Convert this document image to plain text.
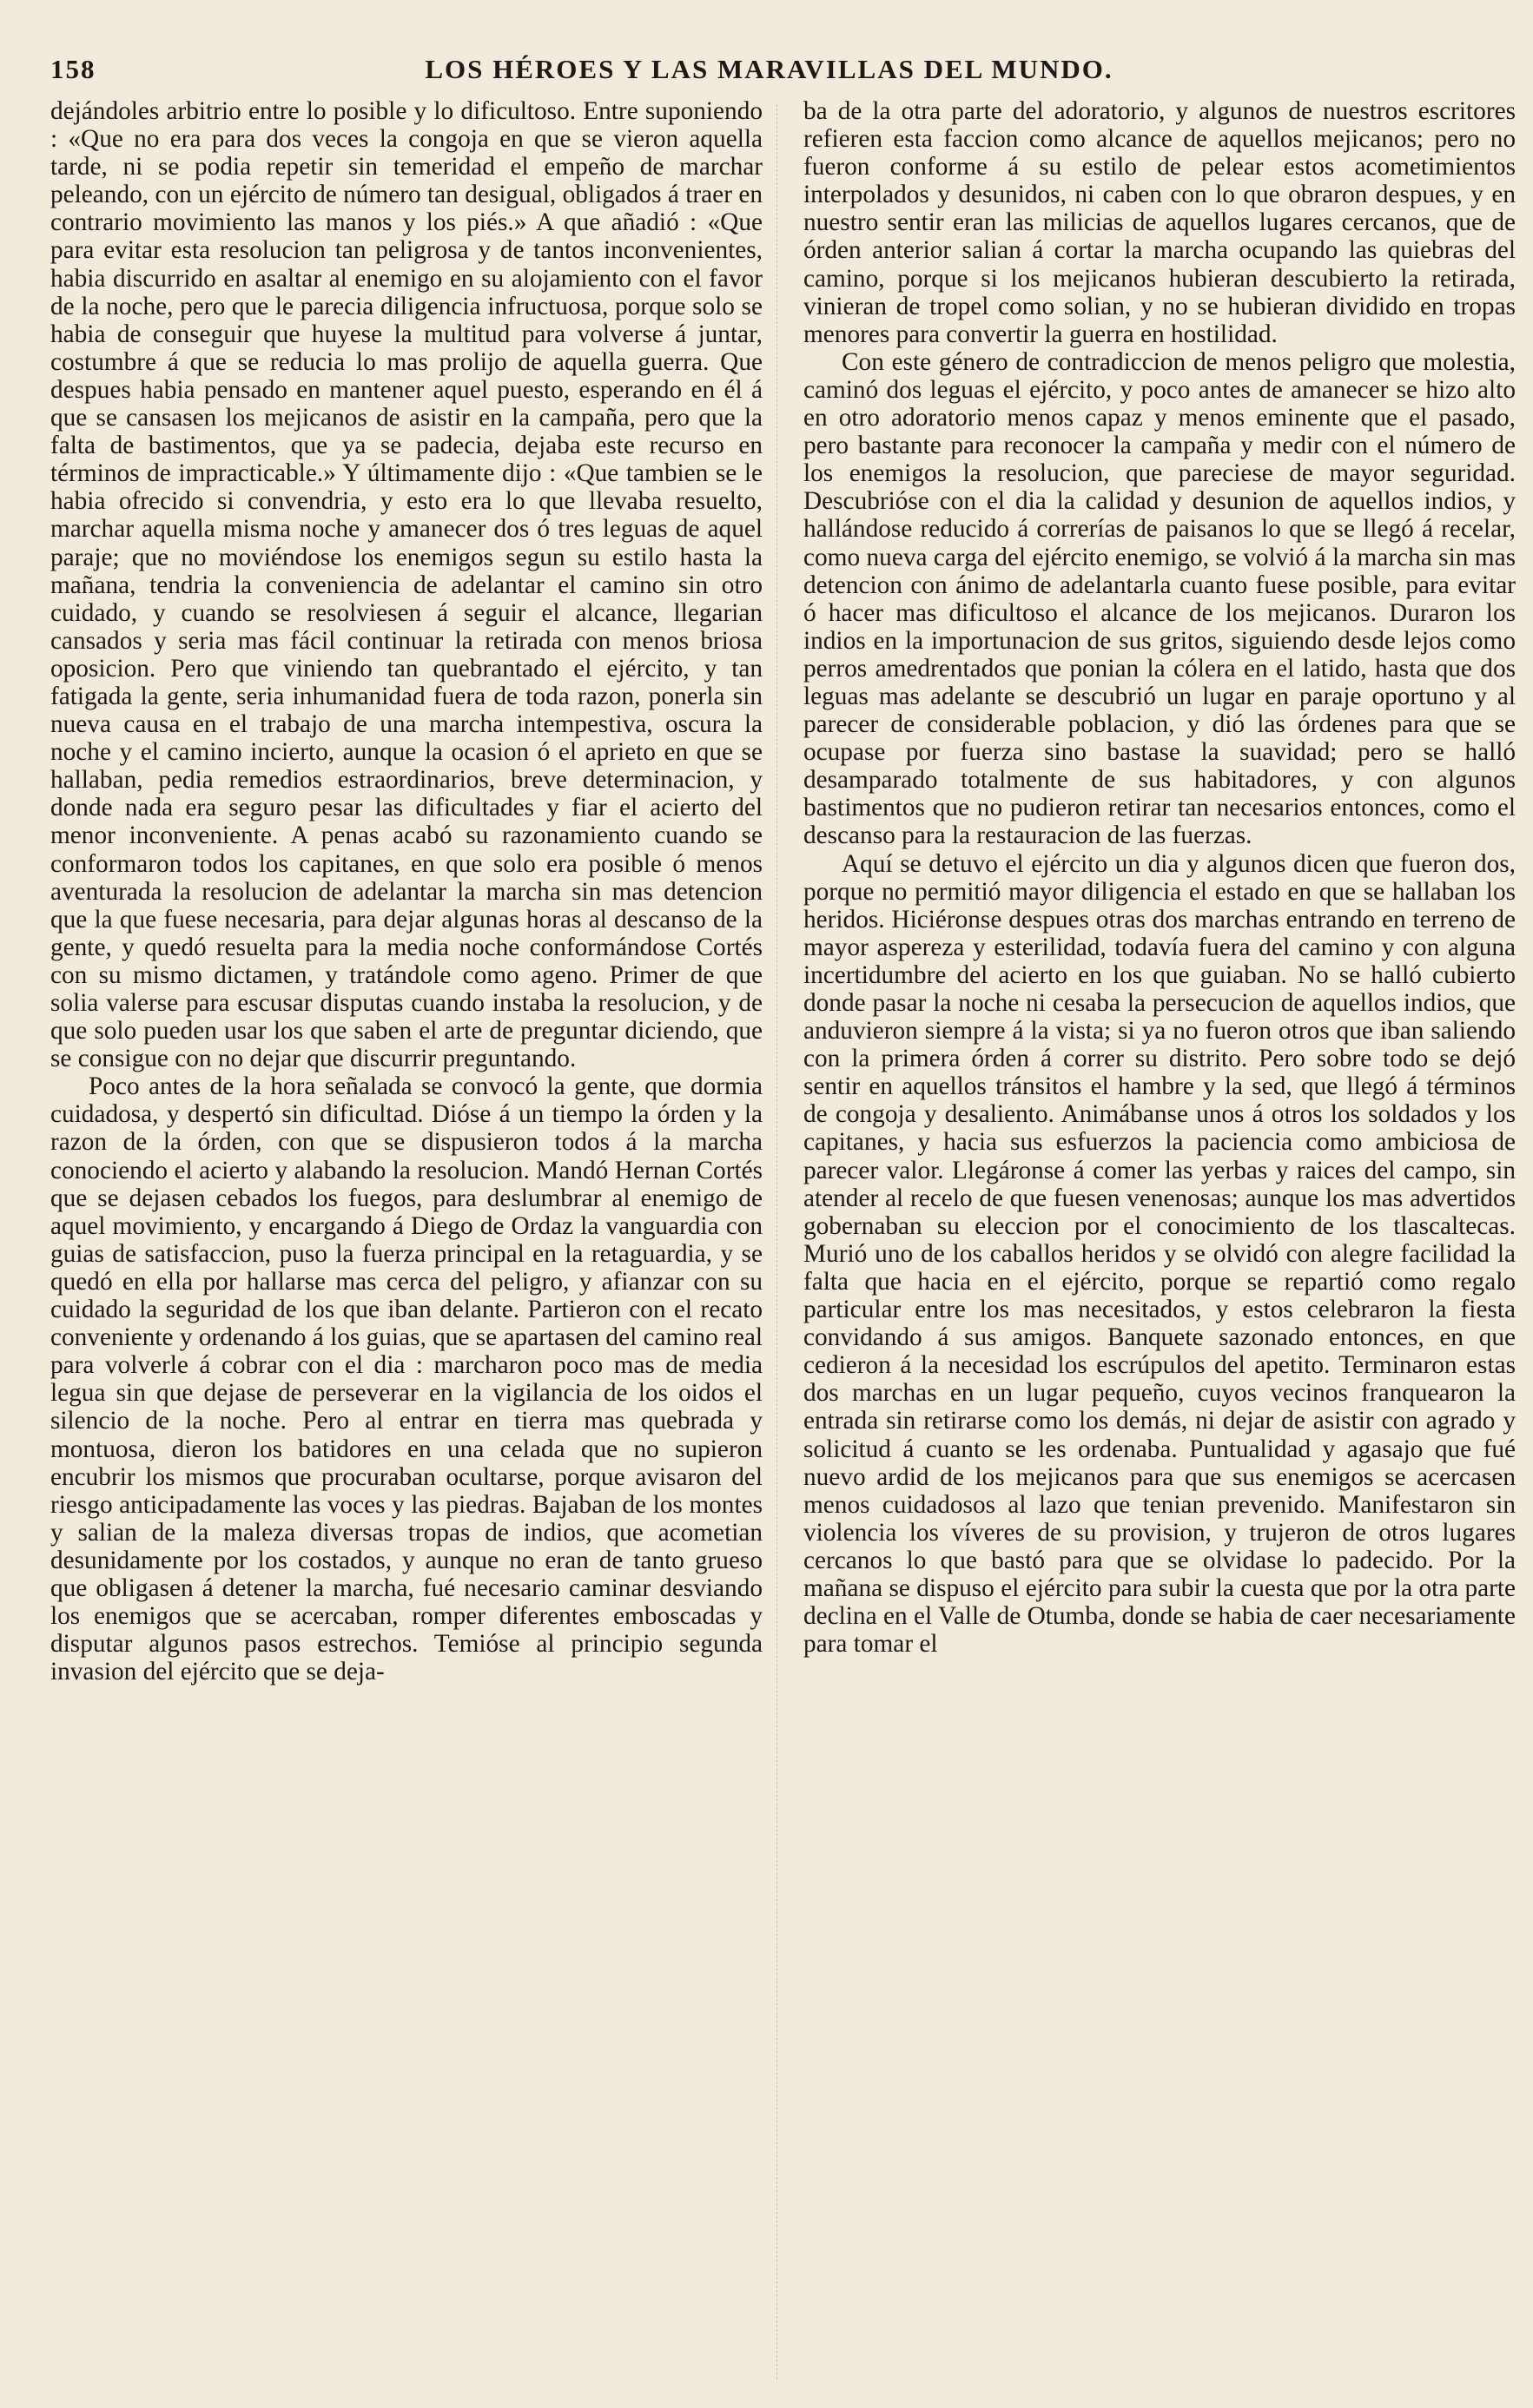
158	LOS HÉROES Y LAS MARAVILLAS DEL MUNDO.

dejándoles arbitrio entre lo posible y lo dificultoso. Entre suponiendo : «Que no era para dos veces la congoja en que se vieron aquella tarde, ni se podia repetir sin temeridad el empeño de marchar peleando, con un ejército de número tan desigual, obligados á traer en contrario movimiento las manos y los piés.» A que añadió : «Que para evitar esta resolucion tan peligrosa y de tantos inconvenientes, habia discurrido en asaltar al enemigo en su alojamiento con el favor de la noche, pero que le parecia diligencia infructuosa, porque solo se habia de conseguir que huyese la multitud para volverse á juntar, costumbre á que se reducia lo mas prolijo de aquella guerra. Que despues habia pensado en mantener aquel puesto, esperando en él á que se cansasen los mejicanos de asistir en la campaña, pero que la falta de bastimentos, que ya se padecia, dejaba este recurso en términos de impracticable.» Y últimamente dijo : «Que tambien se le habia ofrecido si convendria, y esto era lo que llevaba resuelto, marchar aquella misma noche y amanecer dos ó tres leguas de aquel paraje; que no moviéndose los enemigos segun su estilo hasta la mañana, tendria la conveniencia de adelantar el camino sin otro cuidado, y cuando se resolviesen á seguir el alcance, llegarian cansados y seria mas fácil continuar la retirada con menos briosa oposicion. Pero que viniendo tan quebrantado el ejército, y tan fatigada la gente, seria inhumanidad fuera de toda razon, ponerla sin nueva causa en el trabajo de una marcha intempestiva, oscura la noche y el camino incierto, aunque la ocasion ó el aprieto en que se hallaban, pedia remedios estraordinarios, breve determinacion, y donde nada era seguro pesar las dificultades y fiar el acierto del menor inconveniente. A penas acabó su razonamiento cuando se conformaron todos los capitanes, en que solo era posible ó menos aventurada la resolucion de adelantar la marcha sin mas detencion que la que fuese necesaria, para dejar algunas horas al descanso de la gente, y quedó resuelta para la media noche conformándose Cortés con su mismo dictamen, y tratándole como ageno. Primer de que solia valerse para escusar disputas cuando instaba la resolucion, y de que solo pueden usar los que saben el arte de preguntar diciendo, que se consigue con no dejar que discurrir preguntando.

Poco antes de la hora señalada se convocó la gente, que dormia cuidadosa, y despertó sin dificultad. Dióse á un tiempo la órden y la razon de la órden, con que se dispusieron todos á la marcha conociendo el acierto y alabando la resolucion. Mandó Hernan Cortés que se dejasen cebados los fuegos, para deslumbrar al enemigo de aquel movimiento, y encargando á Diego de Ordaz la vanguardia con guias de satisfaccion, puso la fuerza principal en la retaguardia, y se quedó en ella por hallarse mas cerca del peligro, y afianzar con su cuidado la seguridad de los que iban delante. Partieron con el recato conveniente y ordenando á los guias, que se apartasen del camino real para volverle á cobrar con el dia : marcharon poco mas de media legua sin que dejase de perseverar en la vigilancia de los oidos el silencio de la noche. Pero al entrar en tierra mas quebrada y montuosa, dieron los batidores en una celada que no supieron encubrir los mismos que procuraban ocultarse, porque avisaron del riesgo anticipadamente las voces y las piedras. Bajaban de los montes y salian de la maleza diversas tropas de indios, que acometian desunidamente por los costados, y aunque no eran de tanto grueso que obligasen á detener la marcha, fué necesario caminar desviando los enemigos que se acercaban, romper diferentes emboscadas y disputar algunos pasos estrechos. Temióse al principio segunda invasion del ejército que se deja-

ba de la otra parte del adoratorio, y algunos de nuestros escritores refieren esta faccion como alcance de aquellos mejicanos; pero no fueron conforme á su estilo de pelear estos acometimientos interpolados y desunidos, ni caben con lo que obraron despues, y en nuestro sentir eran las milicias de aquellos lugares cercanos, que de órden anterior salian á cortar la marcha ocupando las quiebras del camino, porque si los mejicanos hubieran descubierto la retirada, vinieran de tropel como solian, y no se hubieran dividido en tropas menores para convertir la guerra en hostilidad.

Con este género de contradiccion de menos peligro que molestia, caminó dos leguas el ejército, y poco antes de amanecer se hizo alto en otro adoratorio menos capaz y menos eminente que el pasado, pero bastante para reconocer la campaña y medir con el número de los enemigos la resolucion, que pareciese de mayor seguridad. Descubrióse con el dia la calidad y desunion de aquellos indios, y hallándose reducido á correrías de paisanos lo que se llegó á recelar, como nueva carga del ejército enemigo, se volvió á la marcha sin mas detencion con ánimo de adelantarla cuanto fuese posible, para evitar ó hacer mas dificultoso el alcance de los mejicanos. Duraron los indios en la importunacion de sus gritos, siguiendo desde lejos como perros amedrentados que ponian la cólera en el latido, hasta que dos leguas mas adelante se descubrió un lugar en paraje oportuno y al parecer de considerable poblacion, y dió las órdenes para que se ocupase por fuerza sino bastase la suavidad; pero se halló desamparado totalmente de sus habitadores, y con algunos bastimentos que no pudieron retirar tan necesarios entonces, como el descanso para la restauracion de las fuerzas.

Aquí se detuvo el ejército un dia y algunos dicen que fueron dos, porque no permitió mayor diligencia el estado en que se hallaban los heridos. Hiciéronse despues otras dos marchas entrando en terreno de mayor aspereza y esterilidad, todavía fuera del camino y con alguna incertidumbre del acierto en los que guiaban. No se halló cubierto donde pasar la noche ni cesaba la persecucion de aquellos indios, que anduvieron siempre á la vista; si ya no fueron otros que iban saliendo con la primera órden á correr su distrito. Pero sobre todo se dejó sentir en aquellos tránsitos el hambre y la sed, que llegó á términos de congoja y desaliento. Animábanse unos á otros los soldados y los capitanes, y hacia sus esfuerzos la paciencia como ambiciosa de parecer valor. Llegáronse á comer las yerbas y raices del campo, sin atender al recelo de que fuesen venenosas; aunque los mas advertidos gobernaban su eleccion por el conocimiento de los tlascaltecas. Murió uno de los caballos heridos y se olvidó con alegre facilidad la falta que hacia en el ejército, porque se repartió como regalo particular entre los mas necesitados, y estos celebraron la fiesta convidando á sus amigos. Banquete sazonado entonces, en que cedieron á la necesidad los escrúpulos del apetito. Terminaron estas dos marchas en un lugar pequeño, cuyos vecinos franquearon la entrada sin retirarse como los demás, ni dejar de asistir con agrado y solicitud á cuanto se les ordenaba. Puntualidad y agasajo que fué nuevo ardid de los mejicanos para que sus enemigos se acercasen menos cuidadosos al lazo que tenian prevenido. Manifestaron sin violencia los víveres de su provision, y trujeron de otros lugares cercanos lo que bastó para que se olvidase lo padecido. Por la mañana se dispuso el ejército para subir la cuesta que por la otra parte declina en el Valle de Otumba, donde se habia de caer necesariamente para tomar el
